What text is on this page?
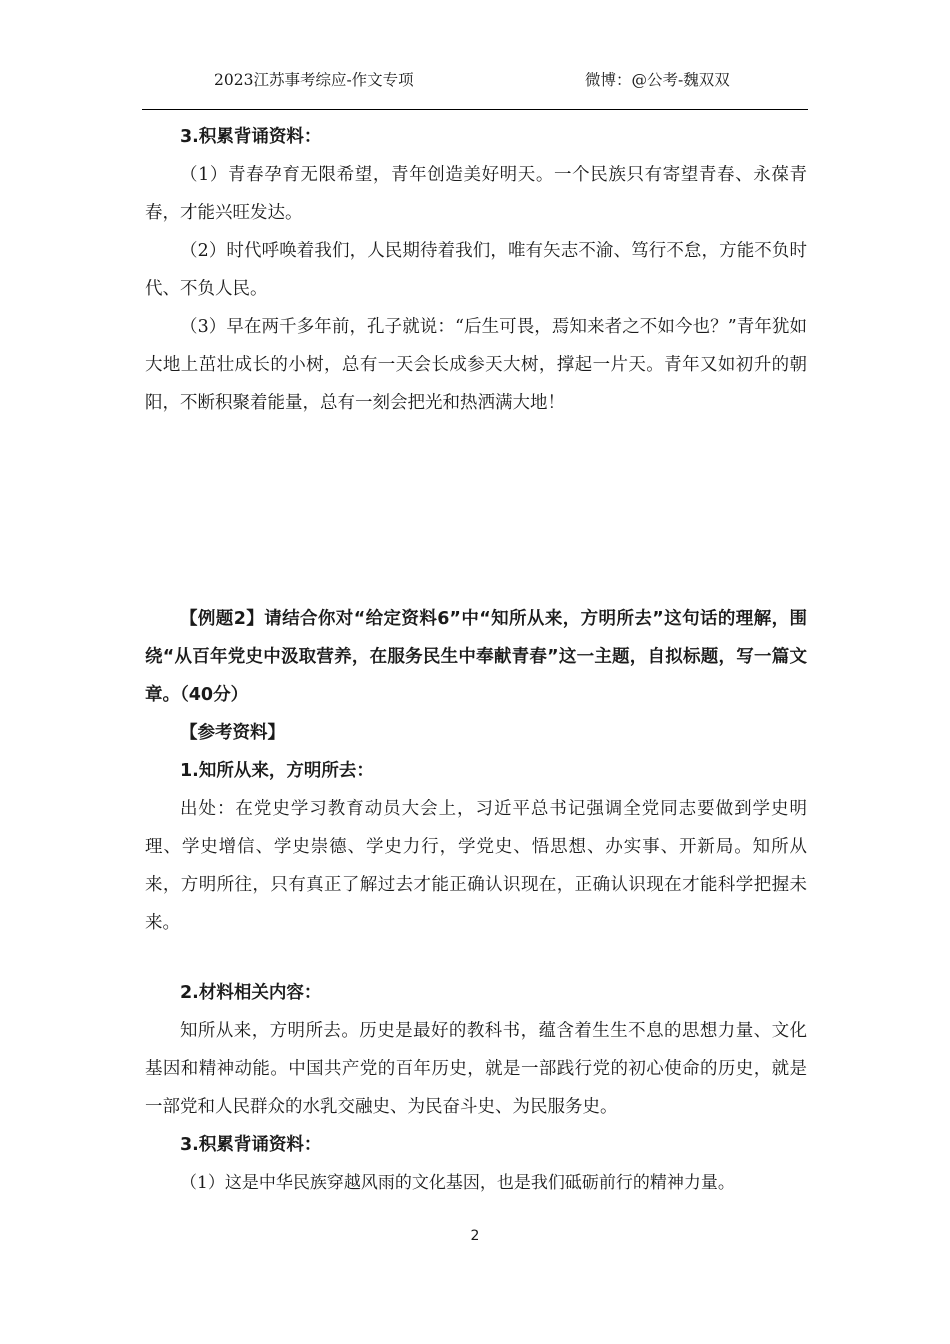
2023江苏事考综应-作文专项	微博：@公考-魏双双

3.积累背诵资料：

（1）青春孕育无限希望，青年创造美好明天。一个民族只有寄望青春、永葆青春，才能兴旺发达。

（2）时代呼唤着我们，人民期待着我们，唯有矢志不渝、笃行不怠，方能不负时代、不负人民。

（3）早在两千多年前，孔子就说：“后生可畏，焉知来者之不如今也？”青年犹如大地上茁壮成长的小树，总有一天会长成参天大树，撑起一片天。青年又如初升的朝阳，不断积聚着能量，总有一刻会把光和热洒满大地！

【例题2】请结合你对“给定资料6”中“知所从来，方明所去”这句话的理解，围绕“从百年党史中汲取营养，在服务民生中奉献青春”这一主题，自拟标题，写一篇文章。（40分）

【参考资料】

1.知所从来，方明所去：

出处：在党史学习教育动员大会上，习近平总书记强调全党同志要做到学史明理、学史增信、学史崇德、学史力行，学党史、悟思想、办实事、开新局。知所从来，方明所往，只有真正了解过去才能正确认识现在，正确认识现在才能科学把握未来。

2.材料相关内容：

知所从来，方明所去。历史是最好的教科书，蕴含着生生不息的思想力量、文化基因和精神动能。中国共产党的百年历史，就是一部践行党的初心使命的历史，就是一部党和人民群众的水乳交融史、为民奋斗史、为民服务史。

3.积累背诵资料：

（1）这是中华民族穿越风雨的文化基因，也是我们砥砺前行的精神力量。

2
